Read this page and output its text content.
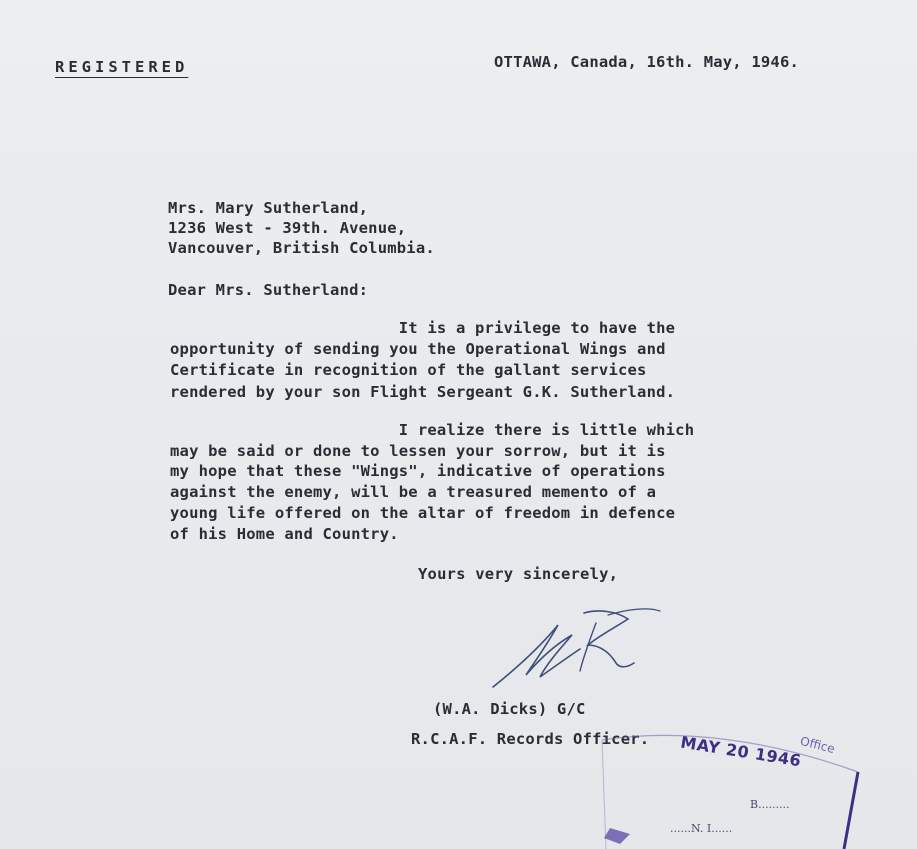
REGISTERED	OTTAWA, Canada, 16th. May, 1946.

Mrs. Mary Sutherland,

1236 West - 39th. Avenue,

Vancouver, British Columbia.

Dear Mrs. Sutherland:

It is a privilege to have the

opportunity of sending you the Operational Wings and

Certificate in recognition of the gallant services

rendered by your son Flight Sergeant G.K. Sutherland.

I realize there is little which

may be said or done to lessen your sorrow, but it is

my hope that these "Wings", indicative of operations

against the enemy, will be a treasured memento of a

young life offered on the altar of freedom in defence

of his Home and Country.

Yours very sincerely,

(W.A. Dicks) G/C

R.C.A.F. Records Officer. MAY 20 1946
Office
B.........
......N. I......
